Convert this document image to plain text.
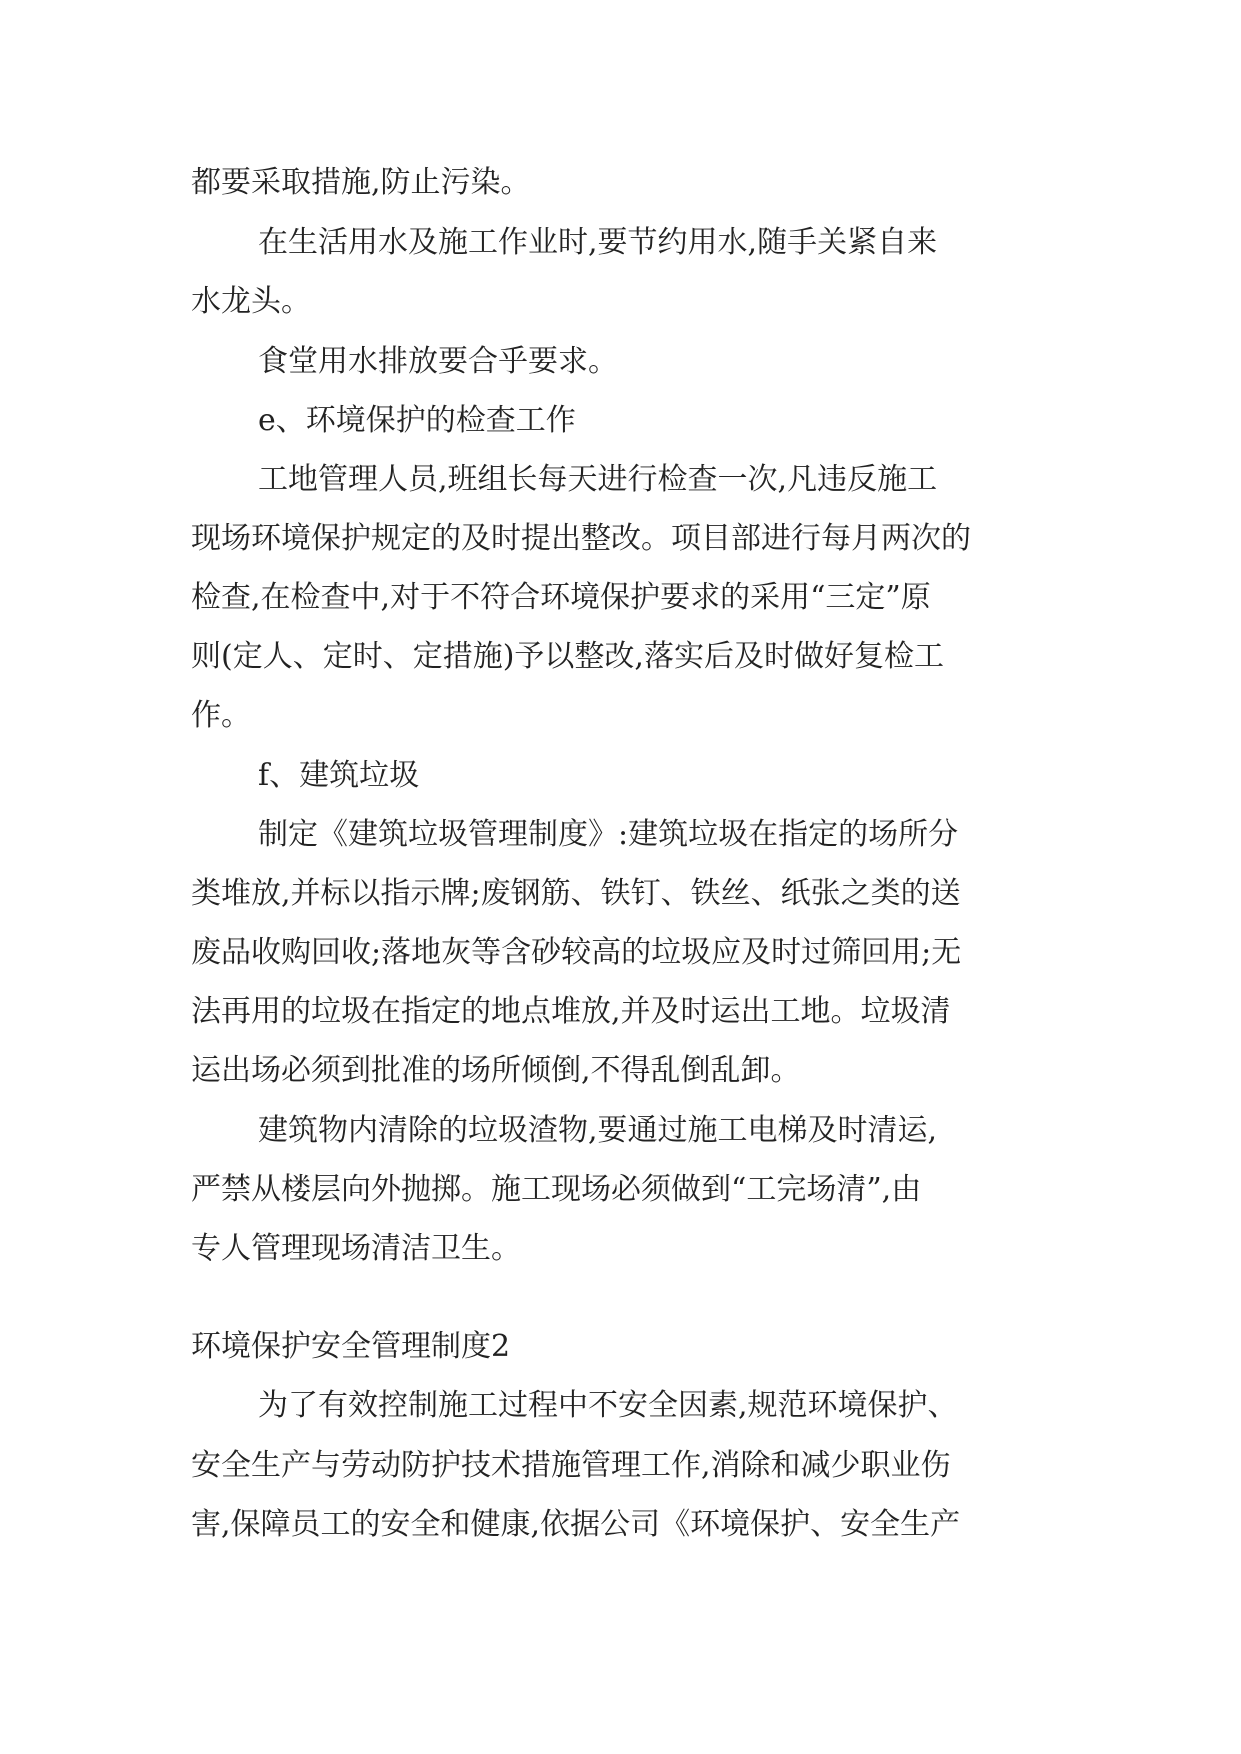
都要采取措施,防止污染。
在生活用水及施工作业时,要节约用水,随手关紧自来
水龙头。
食堂用水排放要合乎要求。
e、环境保护的检查工作
工地管理人员,班组长每天进行检查一次,凡违反施工
现场环境保护规定的及时提出整改。项目部进行每月两次的
检查,在检查中,对于不符合环境保护要求的采用“三定”原
则(定人、定时、定措施)予以整改,落实后及时做好复检工
作。
f、建筑垃圾
制定《建筑垃圾管理制度》:建筑垃圾在指定的场所分
类堆放,并标以指示牌;废钢筋、铁钉、铁丝、纸张之类的送
废品收购回收;落地灰等含砂较高的垃圾应及时过筛回用;无
法再用的垃圾在指定的地点堆放,并及时运出工地。垃圾清
运出场必须到批准的场所倾倒,不得乱倒乱卸。
建筑物内清除的垃圾渣物,要通过施工电梯及时清运,
严禁从楼层向外抛掷。施工现场必须做到“工完场清”,由
专人管理现场清洁卫生。
环境保护安全管理制度2
为了有效控制施工过程中不安全因素,规范环境保护、
安全生产与劳动防护技术措施管理工作,消除和减少职业伤
害,保障员工的安全和健康,依据公司《环境保护、安全生产
